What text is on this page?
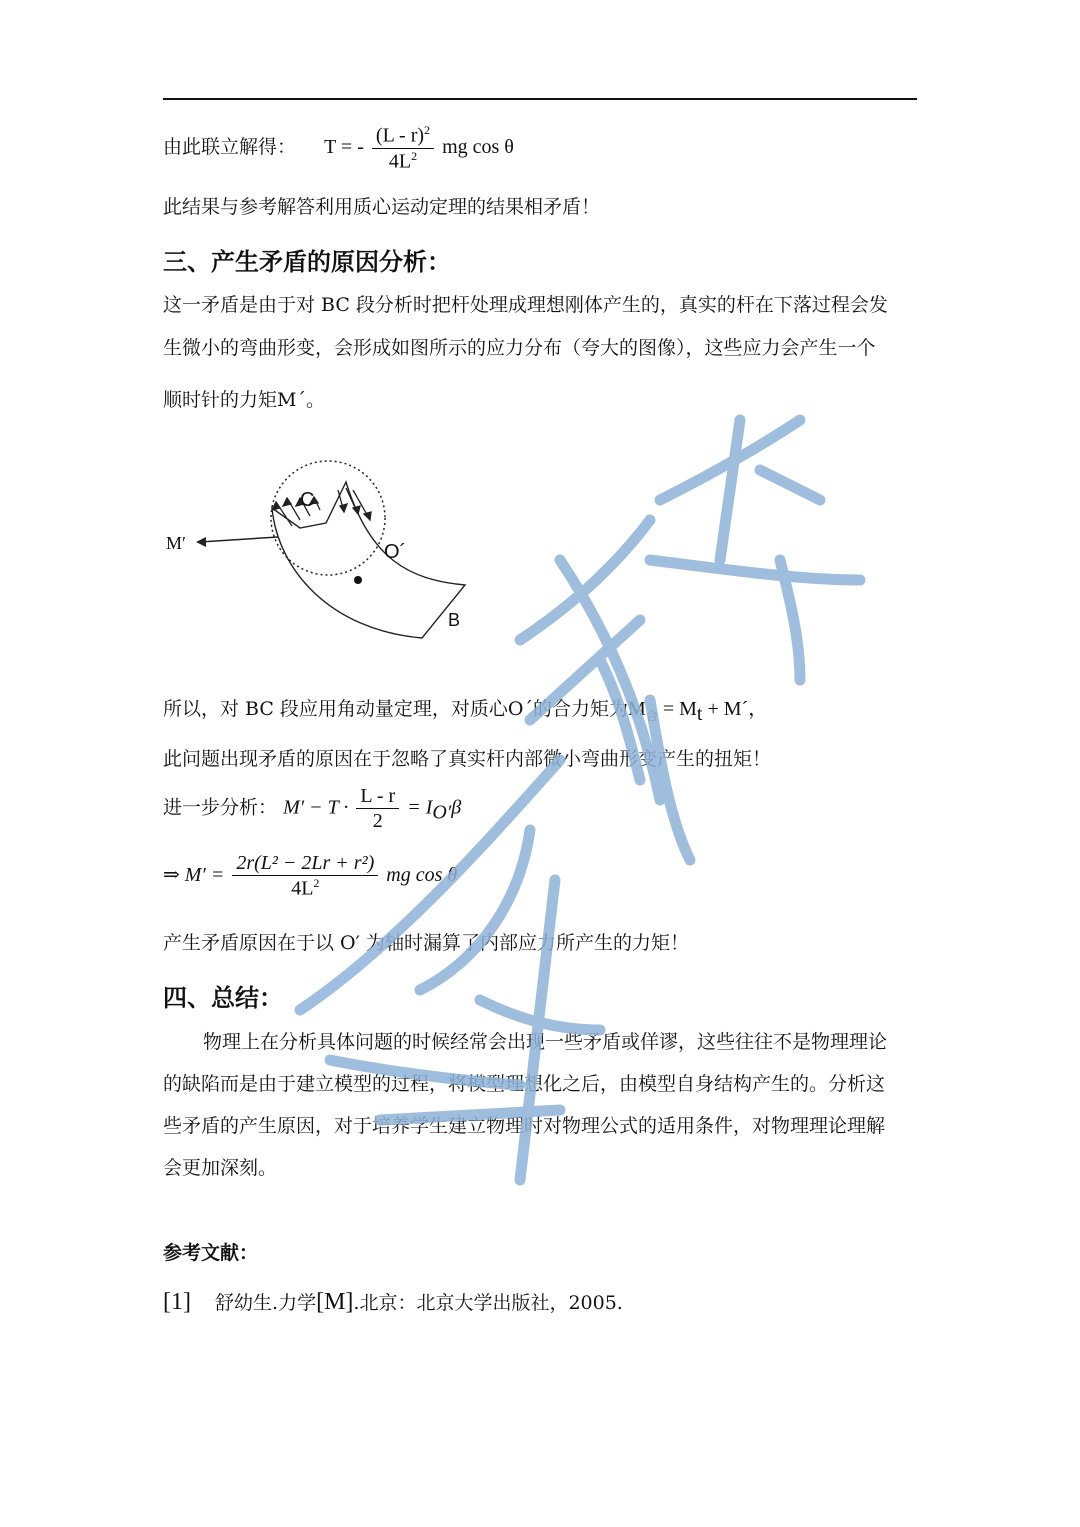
由此联立解得： T = - $\frac{(L - r)^2}{4L^2}$ mg cos θ
此结果与参考解答利用质心运动定理的结果相矛盾！
三、产生矛盾的原因分析：
这一矛盾是由于对 BC 段分析时把杆处理成理想刚体产生的，真实的杆在下落过程会发
生微小的弯曲形变，会形成如图所示的应力分布（夸大的图像），这些应力会产生一个
顺时针的力矩M´。
M′
C
O´
B
所以，对 BC 段应用角动量定理，对质心O´的合力矩为$M_合 = M_t$ + M´，
此问题出现矛盾的原因在于忽略了真实杆内部微小弯曲形变产生的扭矩！
进一步分析： $M' - T \cdot \frac{L - r}{2} = I_{O'}\beta$
⇒ $M' = \frac{\text{2r(L² − 2Lr + r²)}}{4L^2}$ mg cos θ
产生矛盾原因在于以 O′ 为轴时漏算了内部应力所产生的力矩！
四、总结：
物理上在分析具体问题的时候经常会出现一些矛盾或佯谬，这些往往不是物理理论
的缺陷而是由于建立模型的过程，将模型理想化之后，由模型自身结构产生的。分析这
些矛盾的产生原因，对于培养学生建立物理时对物理公式的适用条件，对物理理论理解
会更加深刻。
参考文献：
[1] 舒幼生.力学[M].北京：北京大学出版社，2005.
